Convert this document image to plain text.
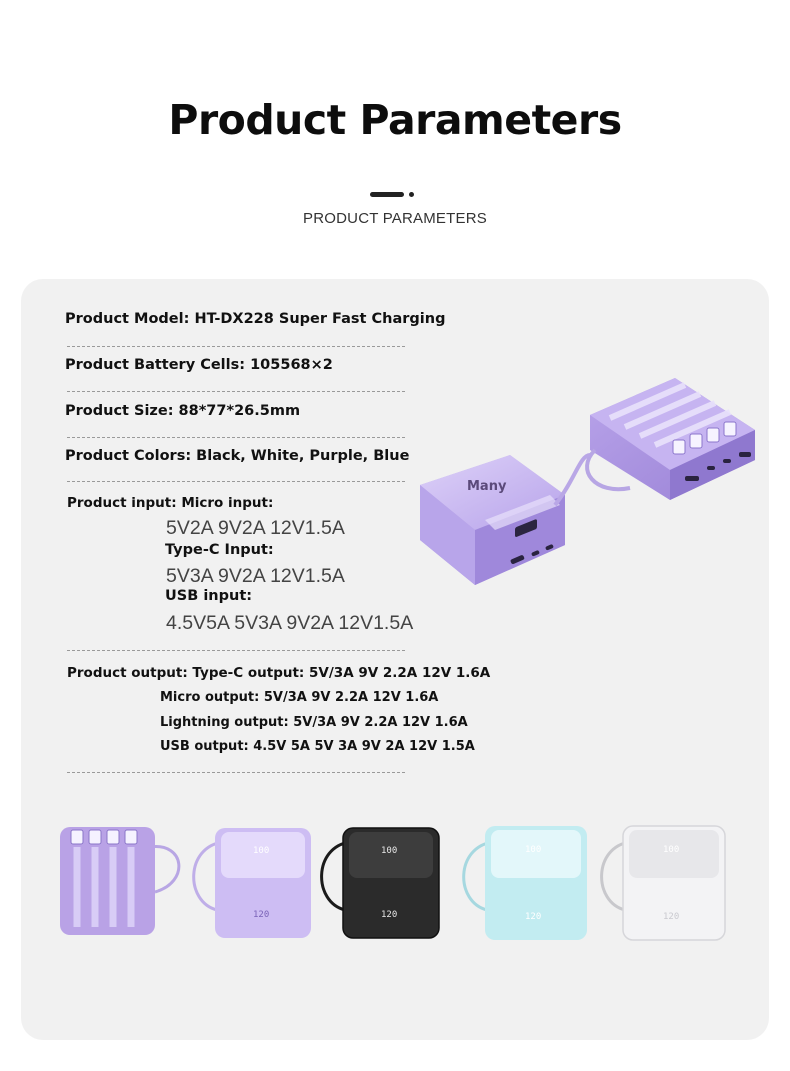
Product Parameters
PRODUCT PARAMETERS
Product Model: HT-DX228 Super Fast Charging
Product Battery Cells: 105568×2
Product Size: 88*77*26.5mm
Product Colors: Black, White, Purple, Blue
Product input: Micro input:
5V2A 9V2A 12V1.5A
Type-C Input:
5V3A 9V2A 12V1.5A
USB input:
4.5V5A 5V3A 9V2A 12V1.5A
Product output: Type-C output: 5V/3A 9V 2.2A 12V 1.6A
Micro output: 5V/3A 9V 2.2A 12V 1.6A
Lightning output: 5V/3A 9V 2.2A 12V 1.6A
USB output: 4.5V 5A 5V 3A 9V 2A 12V 1.5A
Many
100
120
100
120
100
120
100
120
